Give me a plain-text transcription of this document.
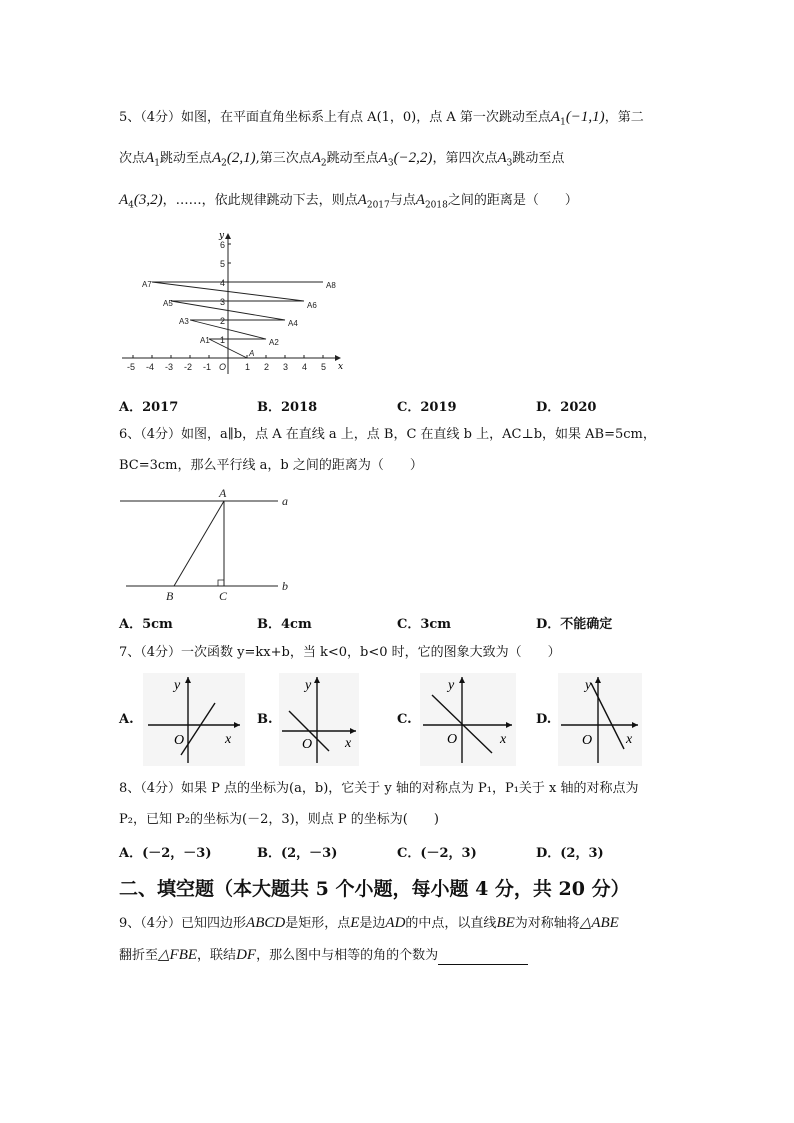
5、（4分）如图，在平面直角坐标系上有点 A(1，0)，点 A 第一次跳动至点$A_1(-1,1)$，第二
次点$A_1$跳动至点$A_2(2,1)$,第三次点$A_2$跳动至点$A_3(-2,2)$，第四次点$A_3$跳动至点
$A_4(3,2)$，……，依此规律跳动下去，则点$A_{2017}$与点$A_{2018}$之间的距离是（　　）
x
y
-5 -4 -3 -2 -1 O 1 2 3 4 5
1
2
3
4
5
6
A
A1	A2
A3	A4
A5	A6
A7	A8
A．2017	B．2018	C．2019	D．2020
6、（4分）如图，a∥b，点 A 在直线 a 上，点 B，C 在直线 b 上，AC⊥b，如果 AB=5cm，
BC=3cm，那么平行线 a，b 之间的距离为（　　）
A
B	C
a
b
A．5cm	B．4cm	C．3cm	D．不能确定
7、（4分）一次函数 y=kx+b，当 k<0，b<0 时，它的图象大致为（　　）
A.
y
O	x
B.
y
O x
C.
y
O	x
D.
y
O x
8、（4分）如果 P 点的坐标为(a，b)，它关于 y 轴的对称点为 P₁，P₁关于 x 轴的对称点为
P₂，已知 P₂的坐标为(－2，3)，则点 P 的坐标为(　　)
A．(－2，－3)	B．(2，－3)	C．(－2，3)	D．(2，3)
二、填空题（本大题共 5 个小题，每小题 4 分，共 20 分）
9、（4分）已知四边形ABCD是矩形，点E是边AD的中点，以直线BE为对称轴将△ABE
翻折至△FBE，联结DF，那么图中与相等的角的个数为
